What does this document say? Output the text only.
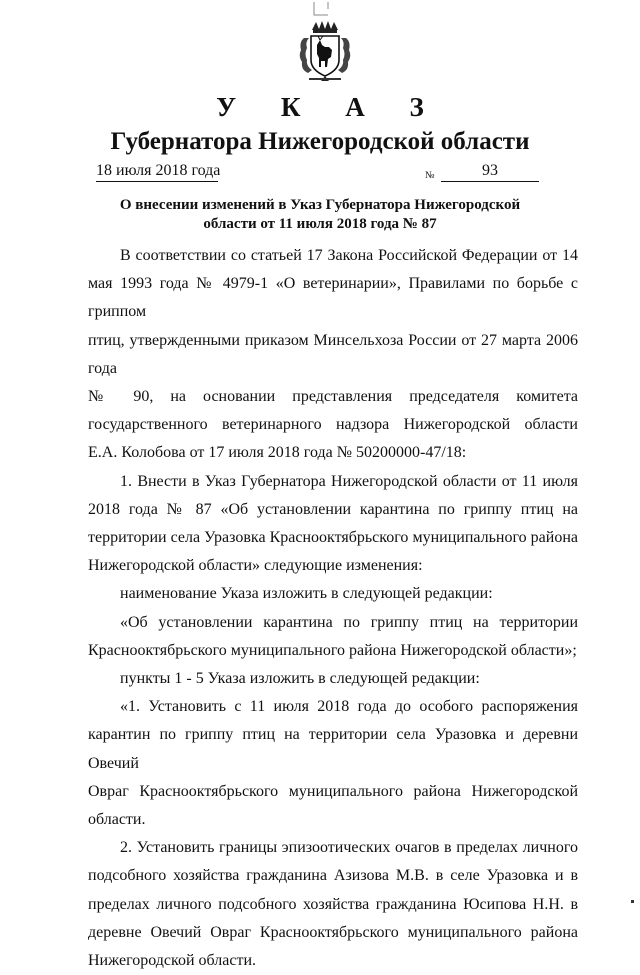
У К А З
Губернатора Нижегородской области
18 июля 2018 года	№	93
О внесении изменений в Указ Губернатора Нижегородской
области от 11 июля 2018 года № 87
В соответствии со статьей 17 Закона Российской Федерации от 14
мая 1993 года № 4979-1 «О ветеринарии», Правилами по борьбе с гриппом
птиц, утвержденными приказом Минсельхоза России от 27 марта 2006 года
№ 90, на основании представления председателя комитета
государственного ветеринарного надзора Нижегородской области
Е.А. Колобова от 17 июля 2018 года № 50200000-47/18:
1. Внести в Указ Губернатора Нижегородской области от 11 июля
2018 года № 87 «Об установлении карантина по гриппу птиц на
территории села Уразовка Краснооктябрьского муниципального района
Нижегородской области» следующие изменения:
наименование Указа изложить в следующей редакции:
«Об установлении карантина по гриппу птиц на территории
Краснооктябрьского муниципального района Нижегородской области»;
пункты 1 - 5 Указа изложить в следующей редакции:
«1. Установить с 11 июля 2018 года до особого распоряжения
карантин по гриппу птиц на территории села Уразовка и деревни Овечий
Овраг Краснооктябрьского муниципального района Нижегородской
области.
2. Установить границы эпизоотических очагов в пределах личного
подсобного хозяйства гражданина Азизова М.В. в селе Уразовка и в
пределах личного подсобного хозяйства гражданина Юсипова Н.Н. в
деревне Овечий Овраг Краснооктябрьского муниципального района
Нижегородской области.
